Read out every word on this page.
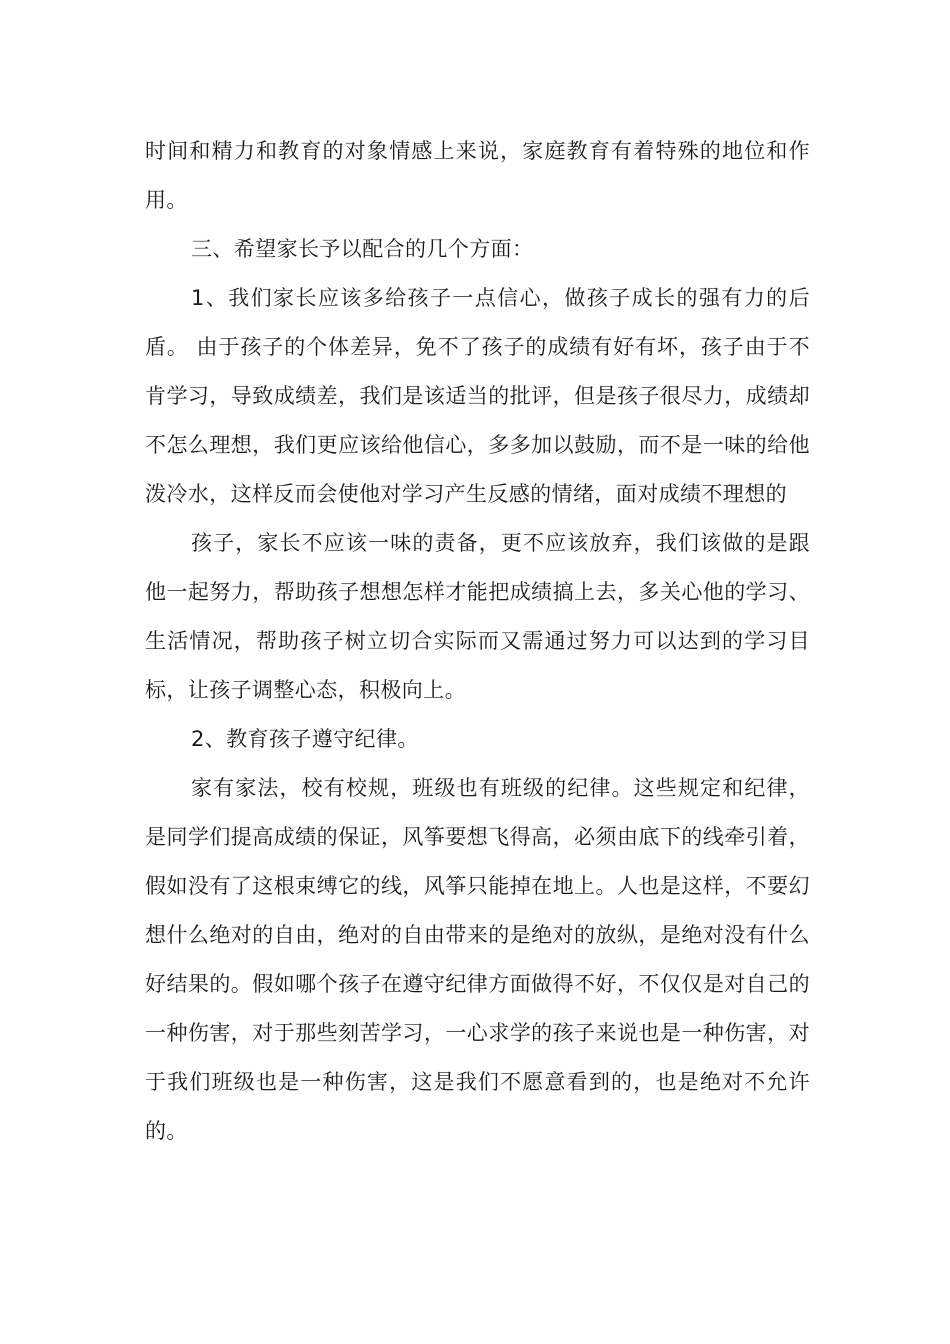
时间和精力和教育的对象情感上来说，家庭教育有着特殊的地位和作用。

三、希望家长予以配合的几个方面：

1、我们家长应该多给孩子一点信心，做孩子成长的强有力的后盾。 由于孩子的个体差异，免不了孩子的成绩有好有坏，孩子由于不肯学习，导致成绩差，我们是该适当的批评，但是孩子很尽力，成绩却不怎么理想，我们更应该给他信心，多多加以鼓励，而不是一味的给他泼冷水，这样反而会使他对学习产生反感的情绪，面对成绩不理想的

孩子，家长不应该一味的责备，更不应该放弃，我们该做的是跟他一起努力，帮助孩子想想怎样才能把成绩搞上去，多关心他的学习、生活情况，帮助孩子树立切合实际而又需通过努力可以达到的学习目标，让孩子调整心态，积极向上。

2、教育孩子遵守纪律。

家有家法，校有校规，班级也有班级的纪律。这些规定和纪律，是同学们提高成绩的保证，风筝要想飞得高，必须由底下的线牵引着，假如没有了这根束缚它的线，风筝只能掉在地上。人也是这样，不要幻想什么绝对的自由，绝对的自由带来的是绝对的放纵，是绝对没有什么好结果的。假如哪个孩子在遵守纪律方面做得不好，不仅仅是对自己的一种伤害，对于那些刻苦学习，一心求学的孩子来说也是一种伤害，对于我们班级也是一种伤害，这是我们不愿意看到的，也是绝对不允许的。
